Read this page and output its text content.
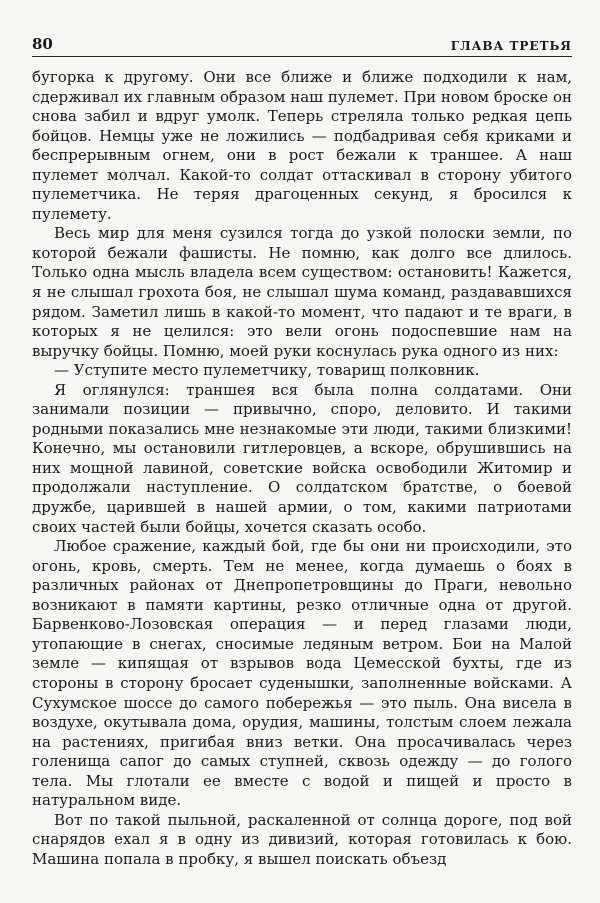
80	ГЛАВА ТРЕТЬЯ

бугорка к другому. Они все ближе и ближе подходили к нам, сдерживал их главным образом наш пулемет. При новом броске он снова забил и вдруг умолк. Теперь стреляла только редкая цепь бойцов. Немцы уже не ложились — подбадривая себя криками и беспрерывным огнем, они в рост бежали к траншее. А наш пулемет молчал. Какой-то солдат оттаскивал в сторону убитого пулеметчика. Не теряя драгоценных секунд, я бросился к пулемету.

Весь мир для меня сузился тогда до узкой полоски земли, по которой бежали фашисты. Не помню, как долго все длилось. Только одна мысль владела всем существом: остановить! Кажется, я не слышал грохота боя, не слышал шума команд, раздававшихся рядом. Заметил лишь в какой-то момент, что падают и те враги, в которых я не целился: это вели огонь подоспевшие нам на выручку бойцы. Помню, моей руки коснулась рука одного из них:

— Уступите место пулеметчику, товарищ полковник.

Я оглянулся: траншея вся была полна солдатами. Они занимали позиции — привычно, споро, деловито. И такими родными показались мне незнакомые эти люди, такими близкими! Конечно, мы остановили гитлеровцев, а вскоре, обрушившись на них мощной лавиной, советские войска освободили Житомир и продолжали наступление. О солдатском братстве, о боевой дружбе, царившей в нашей армии, о том, какими патриотами своих частей были бойцы, хочется сказать особо.

Любое сражение, каждый бой, где бы они ни происходили, это огонь, кровь, смерть. Тем не менее, когда думаешь о боях в различных районах от Днепропетровщины до Праги, невольно возникают в памяти картины, резко отличные одна от другой. Барвенково-Лозовская операция — и перед глазами люди, утопающие в снегах, сносимые ледяным ветром. Бои на Малой земле — кипящая от взрывов вода Цемесской бухты, где из стороны в сторону бросает суденышки, заполненные войсками. А Сухумское шоссе до самого побережья — это пыль. Она висела в воздухе, окутывала дома, орудия, машины, толстым слоем лежала на растениях, пригибая вниз ветки. Она просачивалась через голенища сапог до самых ступней, сквозь одежду — до голого тела. Мы глотали ее вместе с водой и пищей и просто в натуральном виде.

Вот по такой пыльной, раскаленной от солнца дороге, под вой снарядов ехал я в одну из дивизий, которая готовилась к бою. Машина попала в пробку, я вышел поискать объезд
